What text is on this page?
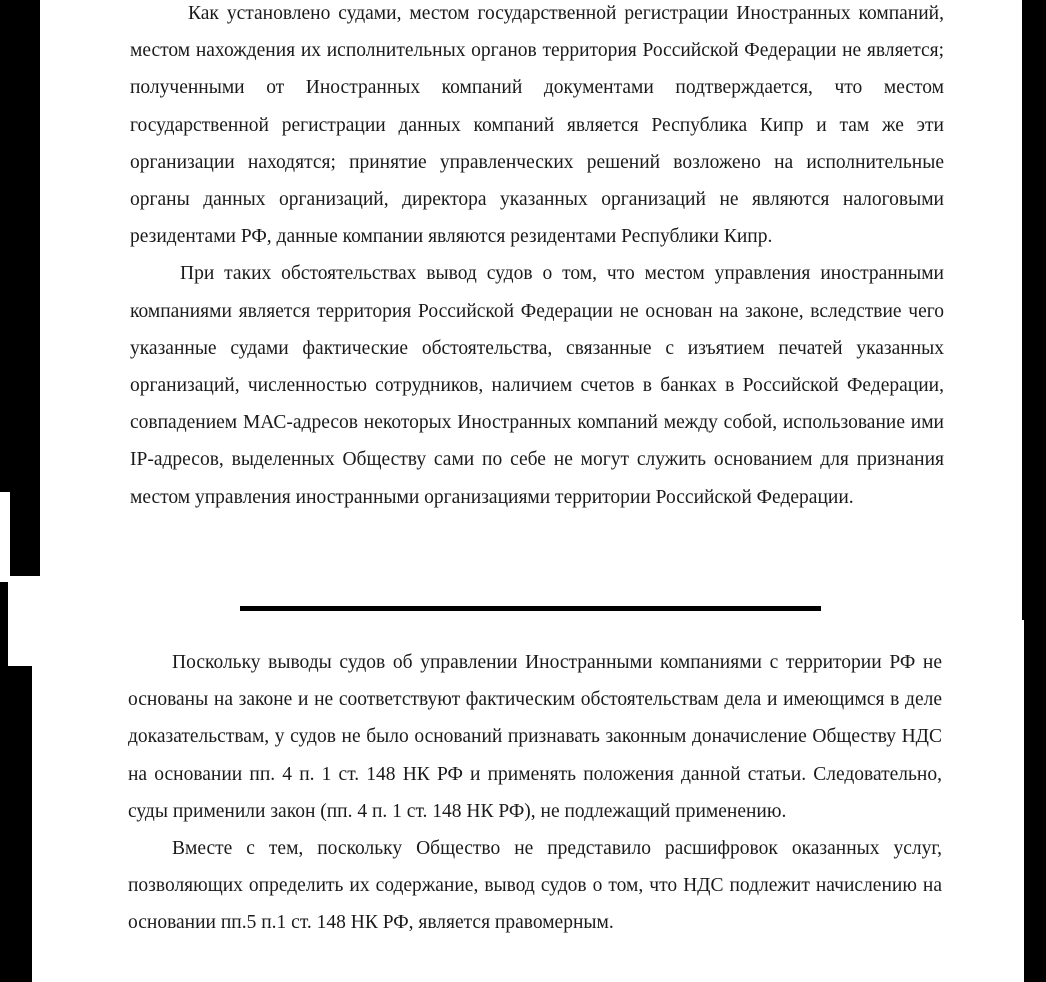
Как установлено судами, местом государственной регистрации Иностранных компаний, местом нахождения их исполнительных органов территория Российской Федерации не является; полученными от Иностранных компаний документами подтверждается, что местом государственной регистрации данных компаний является Республика Кипр и там же эти организации находятся; принятие управленческих решений возложено на исполнительные органы данных организаций, директора указанных организаций не являются налоговыми резидентами РФ, данные компании являются резидентами Республики Кипр.

При таких обстоятельствах вывод судов о том, что местом управления иностранными компаниями является территория Российской Федерации не основан на законе, вследствие чего указанные судами фактические обстоятельства, связанные с изъятием печатей указанных организаций, численностью сотрудников, наличием счетов в банках в Российской Федерации, совпадением МАС-адресов некоторых Иностранных компаний между собой, использование ими IP-адресов, выделенных Обществу сами по себе не могут служить основанием для признания местом управления иностранными организациями территории Российской Федерации.

Поскольку выводы судов об управлении Иностранными компаниями с территории РФ не основаны на законе и не соответствуют фактическим обстоятельствам дела и имеющимся в деле доказательствам, у судов не было оснований признавать законным доначисление Обществу НДС на основании пп. 4 п. 1 ст. 148 НК РФ и применять положения данной статьи. Следовательно, суды применили закон (пп. 4 п. 1 ст. 148 НК РФ), не подлежащий применению.

Вместе с тем, поскольку Общество не представило расшифровок оказанных услуг, позволяющих определить их содержание, вывод судов о том, что НДС подлежит начислению на основании пп.5 п.1 ст. 148 НК РФ, является правомерным.
